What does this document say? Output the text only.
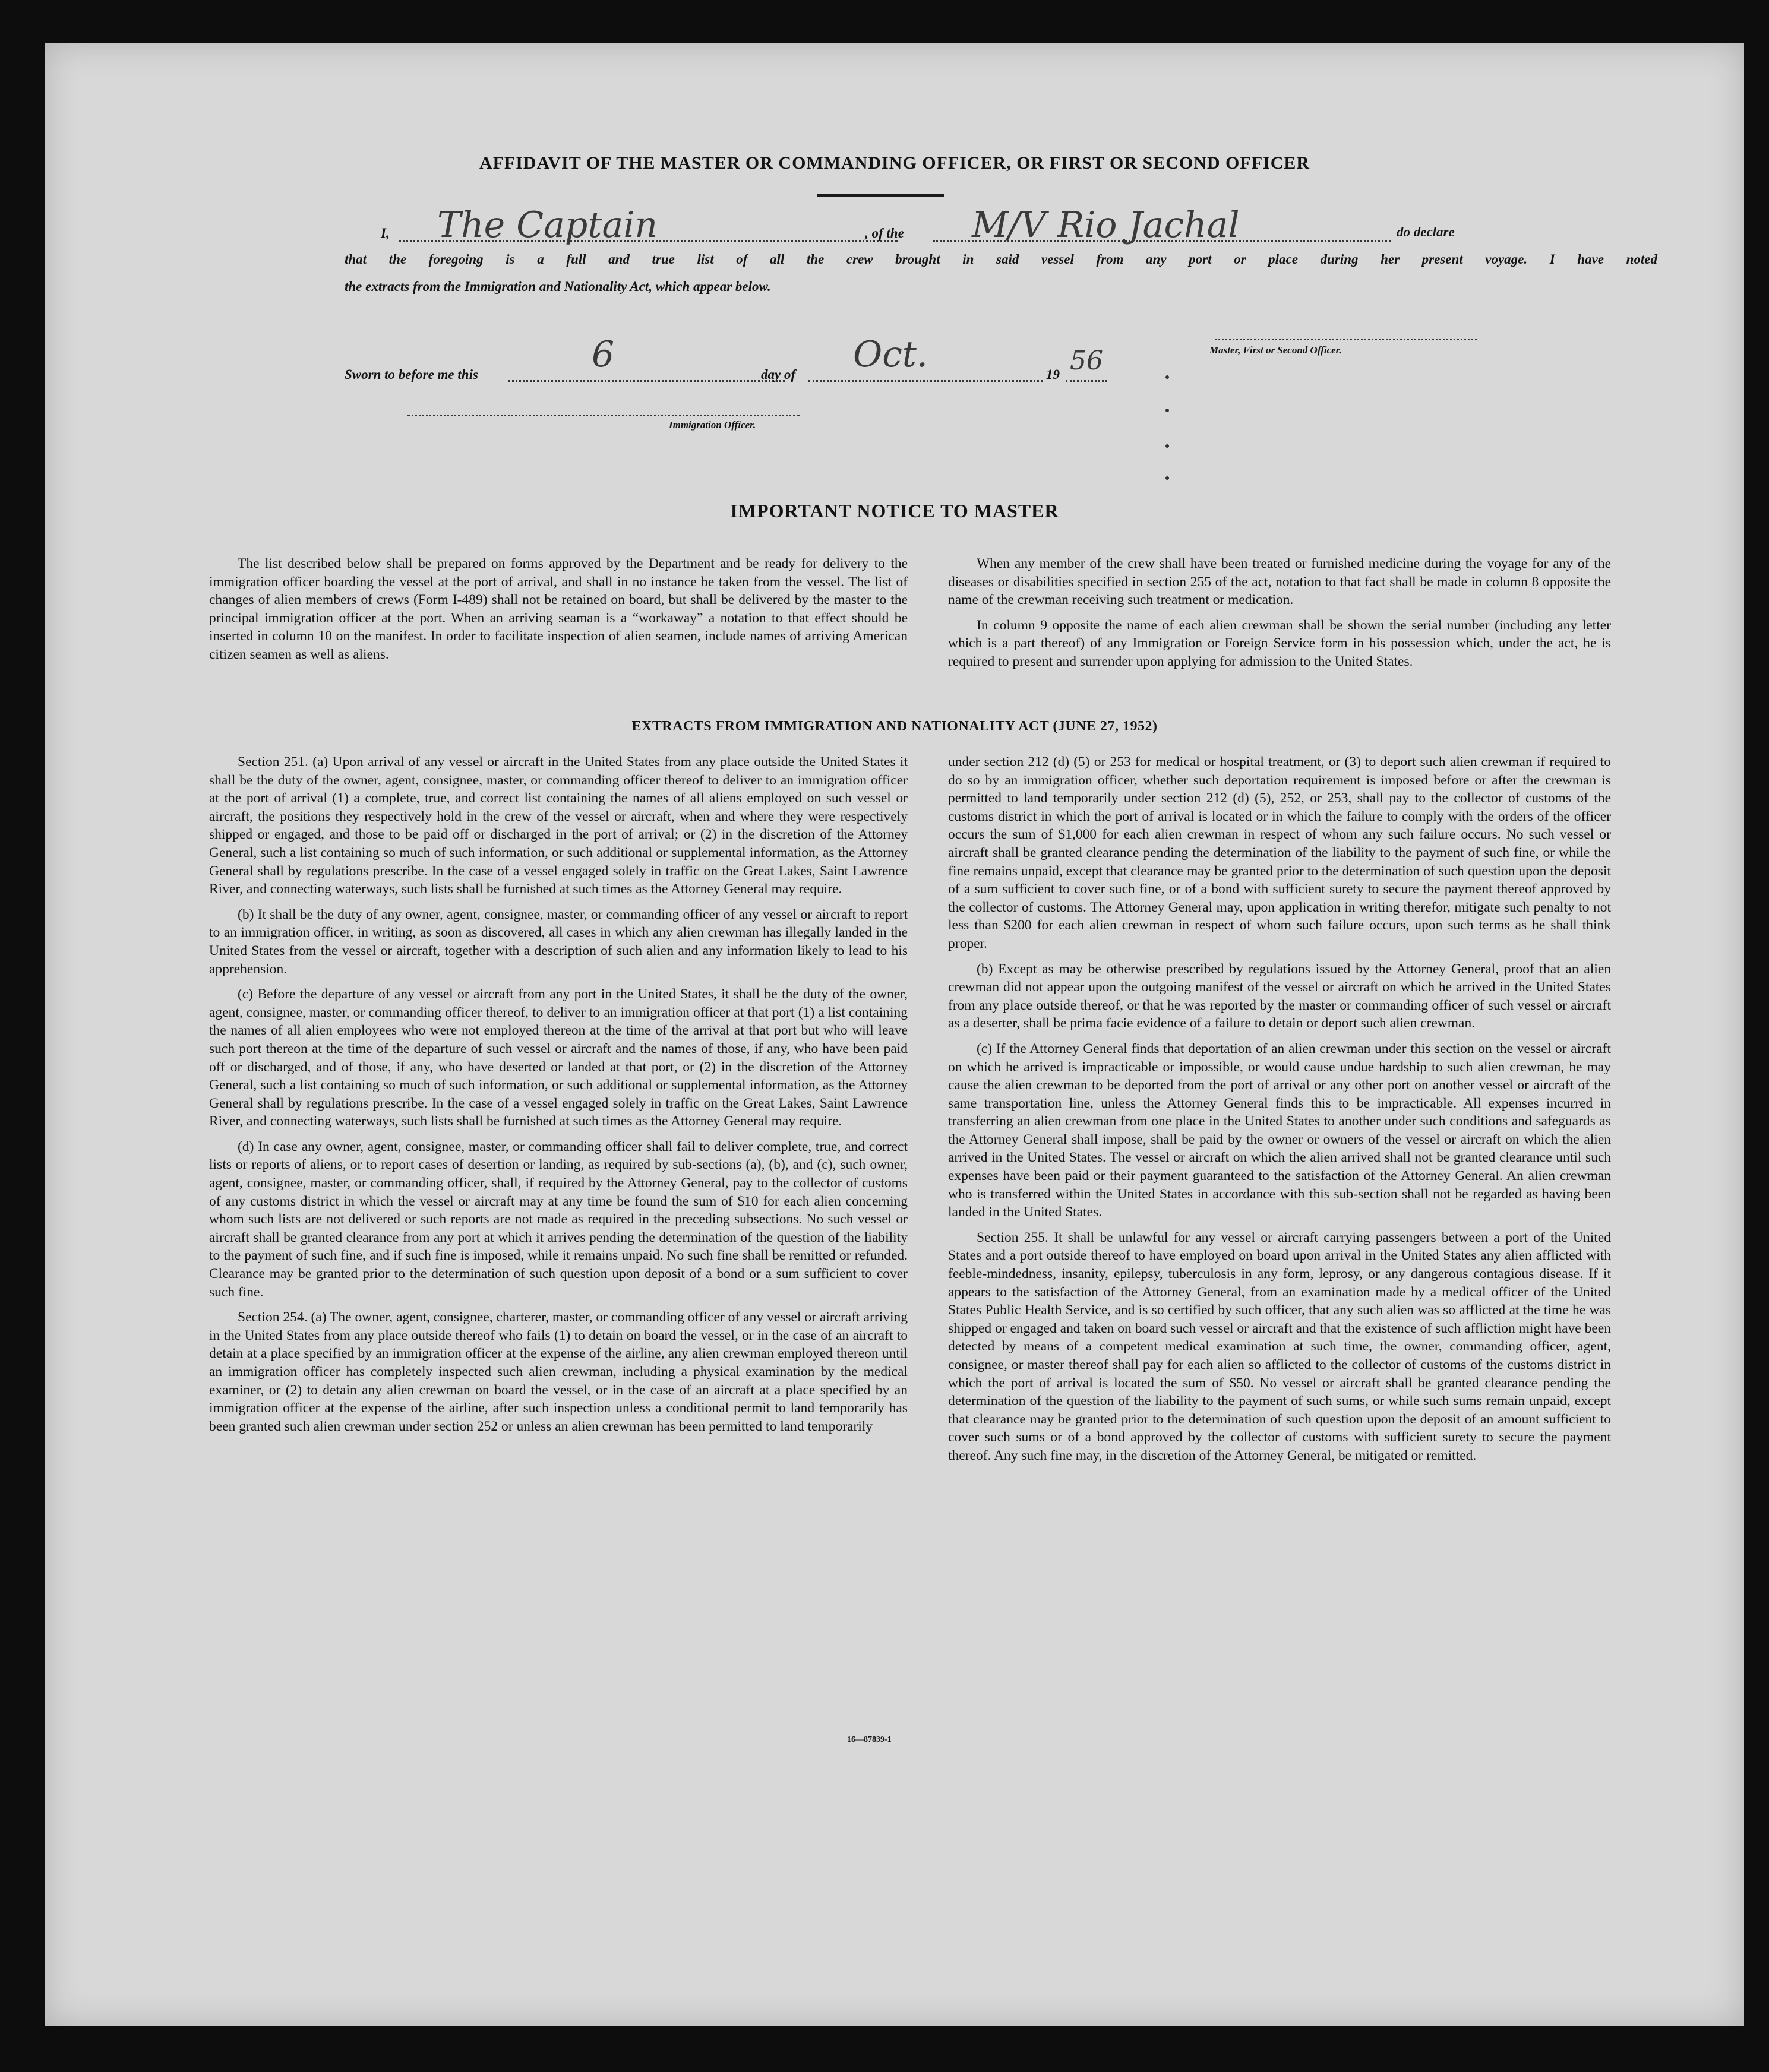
AFFIDAVIT OF THE MASTER OR COMMANDING OFFICER, OR FIRST OR SECOND OFFICER
I, The Captain	, of the M/V Rio Jachal	do declare
that the foregoing is a full and true list of all the crew brought in said vessel from any port or place during her present voyage. I have noted
the extracts from the Immigration and Nationality Act, which appear below.
Master, First or Second Officer.
Sworn to before me this	6	day of Oct.	19 56
Immigration Officer.
IMPORTANT NOTICE TO MASTER

The list described below shall be prepared on forms approved by the Department and be ready for delivery to the immigration officer boarding the vessel at the port of arrival, and shall in no instance be taken from the vessel. The list of changes of alien members of crews (Form I-489) shall not be retained on board, but shall be delivered by the master to the principal immigration officer at the port. When an arriving seaman is a “workaway” a notation to that effect should be inserted in column 10 on the manifest. In order to facilitate inspection of alien seamen, include names of arriving American citizen seamen as well as aliens.

When any member of the crew shall have been treated or furnished medicine during the voyage for any of the diseases or disabilities specified in section 255 of the act, notation to that fact shall be made in column 8 opposite the name of the crewman receiving such treatment or medication.

In column 9 opposite the name of each alien crewman shall be shown the serial number (including any letter which is a part thereof) of any Immigration or Foreign Service form in his possession which, under the act, he is required to present and surrender upon applying for admission to the United States.

EXTRACTS FROM IMMIGRATION AND NATIONALITY ACT (JUNE 27, 1952)

Section 251. (a) Upon arrival of any vessel or aircraft in the United States from any place outside the United States it shall be the duty of the owner, agent, consignee, master, or commanding officer thereof to deliver to an immigration officer at the port of arrival (1) a complete, true, and correct list containing the names of all aliens employed on such vessel or aircraft, the positions they respectively hold in the crew of the vessel or aircraft, when and where they were respectively shipped or engaged, and those to be paid off or discharged in the port of arrival; or (2) in the discretion of the Attorney General, such a list containing so much of such information, or such additional or supplemental information, as the Attorney General shall by regulations prescribe. In the case of a vessel engaged solely in traffic on the Great Lakes, Saint Lawrence River, and connecting waterways, such lists shall be furnished at such times as the Attorney General may require.

(b) It shall be the duty of any owner, agent, consignee, master, or commanding officer of any vessel or aircraft to report to an immigration officer, in writing, as soon as discovered, all cases in which any alien crewman has illegally landed in the United States from the vessel or aircraft, together with a description of such alien and any information likely to lead to his apprehension.

(c) Before the departure of any vessel or aircraft from any port in the United States, it shall be the duty of the owner, agent, consignee, master, or commanding officer thereof, to deliver to an immigration officer at that port (1) a list containing the names of all alien employees who were not employed thereon at the time of the arrival at that port but who will leave such port thereon at the time of the departure of such vessel or aircraft and the names of those, if any, who have been paid off or discharged, and of those, if any, who have deserted or landed at that port, or (2) in the discretion of the Attorney General, such a list containing so much of such information, or such additional or supplemental information, as the Attorney General shall by regulations prescribe. In the case of a vessel engaged solely in traffic on the Great Lakes, Saint Lawrence River, and connecting waterways, such lists shall be furnished at such times as the Attorney General may require.

(d) In case any owner, agent, consignee, master, or commanding officer shall fail to deliver complete, true, and correct lists or reports of aliens, or to report cases of desertion or landing, as required by sub-sections (a), (b), and (c), such owner, agent, consignee, master, or commanding officer, shall, if required by the Attorney General, pay to the collector of customs of any customs district in which the vessel or aircraft may at any time be found the sum of $10 for each alien concerning whom such lists are not delivered or such reports are not made as required in the preceding subsections. No such vessel or aircraft shall be granted clearance from any port at which it arrives pending the determination of the question of the liability to the payment of such fine, and if such fine is imposed, while it remains unpaid. No such fine shall be remitted or refunded. Clearance may be granted prior to the determination of such question upon deposit of a bond or a sum sufficient to cover such fine.

Section 254. (a) The owner, agent, consignee, charterer, master, or commanding officer of any vessel or aircraft arriving in the United States from any place outside thereof who fails (1) to detain on board the vessel, or in the case of an aircraft to detain at a place specified by an immigration officer at the expense of the airline, any alien crewman employed thereon until an immigration officer has completely inspected such alien crewman, including a physical examination by the medical examiner, or (2) to detain any alien crewman on board the vessel, or in the case of an aircraft at a place specified by an immigration officer at the expense of the airline, after such inspection unless a conditional permit to land temporarily has been granted such alien crewman under section 252 or unless an alien crewman has been permitted to land temporarily

under section 212 (d) (5) or 253 for medical or hospital treatment, or (3) to deport such alien crewman if required to do so by an immigration officer, whether such deportation requirement is imposed before or after the crewman is permitted to land temporarily under section 212 (d) (5), 252, or 253, shall pay to the collector of customs of the customs district in which the port of arrival is located or in which the failure to comply with the orders of the officer occurs the sum of $1,000 for each alien crewman in respect of whom any such failure occurs. No such vessel or aircraft shall be granted clearance pending the determination of the liability to the payment of such fine, or while the fine remains unpaid, except that clearance may be granted prior to the determination of such question upon the deposit of a sum sufficient to cover such fine, or of a bond with sufficient surety to secure the payment thereof approved by the collector of customs. The Attorney General may, upon application in writing therefor, mitigate such penalty to not less than $200 for each alien crewman in respect of whom such failure occurs, upon such terms as he shall think proper.

(b) Except as may be otherwise prescribed by regulations issued by the Attorney General, proof that an alien crewman did not appear upon the outgoing manifest of the vessel or aircraft on which he arrived in the United States from any place outside thereof, or that he was reported by the master or commanding officer of such vessel or aircraft as a deserter, shall be prima facie evidence of a failure to detain or deport such alien crewman.

(c) If the Attorney General finds that deportation of an alien crewman under this section on the vessel or aircraft on which he arrived is impracticable or impossible, or would cause undue hardship to such alien crewman, he may cause the alien crewman to be deported from the port of arrival or any other port on another vessel or aircraft of the same transportation line, unless the Attorney General finds this to be impracticable. All expenses incurred in transferring an alien crewman from one place in the United States to another under such conditions and safeguards as the Attorney General shall impose, shall be paid by the owner or owners of the vessel or aircraft on which the alien arrived in the United States. The vessel or aircraft on which the alien arrived shall not be granted clearance until such expenses have been paid or their payment guaranteed to the satisfaction of the Attorney General. An alien crewman who is transferred within the United States in accordance with this sub-section shall not be regarded as having been landed in the United States.

Section 255. It shall be unlawful for any vessel or aircraft carrying passengers between a port of the United States and a port outside thereof to have employed on board upon arrival in the United States any alien afflicted with feeble-mindedness, insanity, epilepsy, tuberculosis in any form, leprosy, or any dangerous contagious disease. If it appears to the satisfaction of the Attorney General, from an examination made by a medical officer of the United States Public Health Service, and is so certified by such officer, that any such alien was so afflicted at the time he was shipped or engaged and taken on board such vessel or aircraft and that the existence of such affliction might have been detected by means of a competent medical examination at such time, the owner, commanding officer, agent, consignee, or master thereof shall pay for each alien so afflicted to the collector of customs of the customs district in which the port of arrival is located the sum of $50. No vessel or aircraft shall be granted clearance pending the determination of the question of the liability to the payment of such sums, or while such sums remain unpaid, except that clearance may be granted prior to the determination of such question upon the deposit of an amount sufficient to cover such sums or of a bond approved by the collector of customs with sufficient surety to secure the payment thereof. Any such fine may, in the discretion of the Attorney General, be mitigated or remitted.

16—87839-1
